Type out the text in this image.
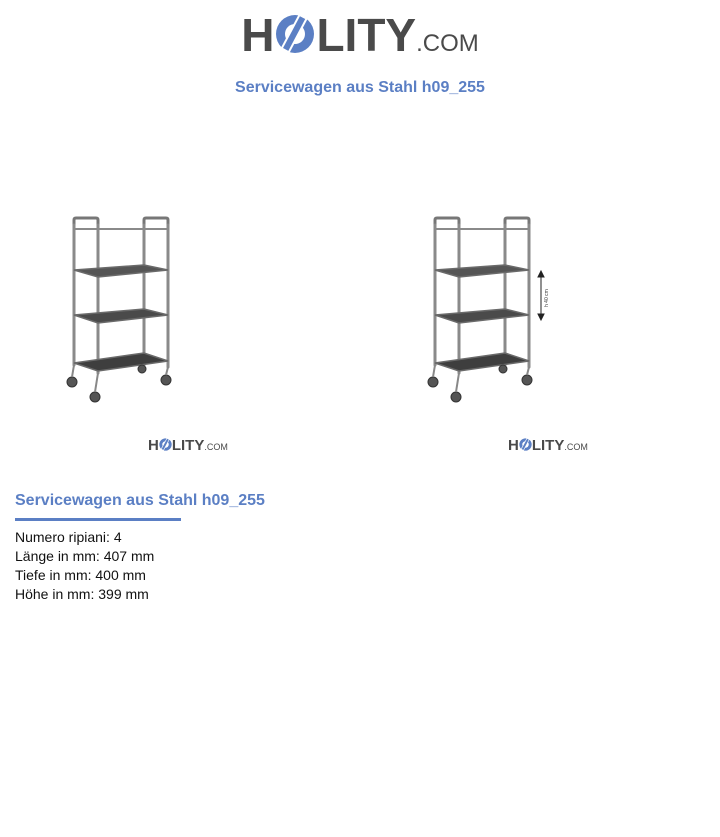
H LITY.COM
Servicewagen aus Stahl h09_255
H LITY.COM
h 40 cm
H LITY.COM
Servicewagen aus Stahl h09_255
Numero ripiani: 4
Länge in mm: 407 mm
Tiefe in mm: 400 mm
Höhe in mm: 399 mm
